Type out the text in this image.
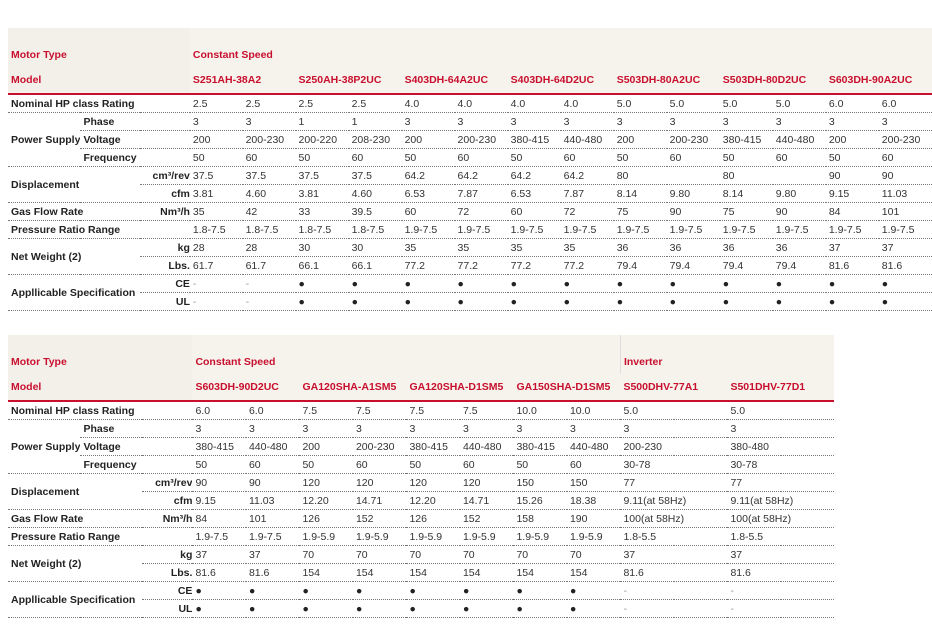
Motor Type			Constant Speed													
Model			S251AH-38A2		S250AH-38P2UC		S403DH-64A2UC		S403DH-64D2UC		S503DH-80A2UC		S503DH-80D2UC		S603DH-90A2UC	
Nominal HP class Rating			2.5	2.5	2.5	2.5	4.0	4.0	4.0	4.0	5.0	5.0	5.0	5.0	6.0	6.0
Power Supply	Phase		3	3	1	1	3	3	3	3	3	3	3	3	3	3
	Voltage		200	200-230	200-220	208-230	200	200-230	380-415	440-480	200	200-230	380-415	440-480	200	200-230
	Frequency		50	60	50	60	50	60	50	60	50	60	50	60	50	60
Displacement		cm³/rev	37.5	37.5	37.5	37.5	64.2	64.2	64.2	64.2	80		80		90	90
		cfm	3.81	4.60	3.81	4.60	6.53	7.87	6.53	7.87	8.14	9.80	8.14	9.80	9.15	11.03
Gas Flow Rate		Nm³/h	35	42	33	39.5	60	72	60	72	75	90	75	90	84	101
Pressure Ratio Range			1.8-7.5	1.8-7.5	1.8-7.5	1.8-7.5	1.9-7.5	1.9-7.5	1.9-7.5	1.9-7.5	1.9-7.5	1.9-7.5	1.9-7.5	1.9-7.5	1.9-7.5	1.9-7.5
Net Weight (2)		kg	28	28	30	30	35	35	35	35	36	36	36	36	37	37
		Lbs.	61.7	61.7	66.1	66.1	77.2	77.2	77.2	77.2	79.4	79.4	79.4	79.4	81.6	81.6
Appllicable Specification		CE	-	-	●	●	●	●	●	●	●	●	●	●	●	●
		UL	-	-	●	●	●	●	●	●	●	●	●	●	●	●
Motor Type			Constant Speed								Inverter	
Model			S603DH-90D2UC		GA120SHA-A1SM5		GA120SHA-D1SM5		GA150SHA-D1SM5		S500DHV-77A1	S501DHV-77D1
Nominal HP class Rating			6.0	6.0	7.5	7.5	7.5	7.5	10.0	10.0	5.0	5.0
Power Supply	Phase		3	3	3	3	3	3	3	3	3	3
	Voltage		380-415	440-480	200	200-230	380-415	440-480	380-415	440-480	200-230	380-480
	Frequency		50	60	50	60	50	60	50	60	30-78	30-78
Displacement		cm³/rev	90	90	120	120	120	120	150	150	77	77
		cfm	9.15	11.03	12.20	14.71	12.20	14.71	15.26	18.38	9.11(at 58Hz)	9.11(at 58Hz)
Gas Flow Rate		Nm³/h	84	101	126	152	126	152	158	190	100(at 58Hz)	100(at 58Hz)
Pressure Ratio Range			1.9-7.5	1.9-7.5	1.9-5.9	1.9-5.9	1.9-5.9	1.9-5.9	1.9-5.9	1.9-5.9	1.8-5.5	1.8-5.5
Net Weight (2)		kg	37	37	70	70	70	70	70	70	37	37
		Lbs.	81.6	81.6	154	154	154	154	154	154	81.6	81.6
Appllicable Specification		CE	●	●	●	●	●	●	●	●	-	-
		UL	●	●	●	●	●	●	●	●	-	-
